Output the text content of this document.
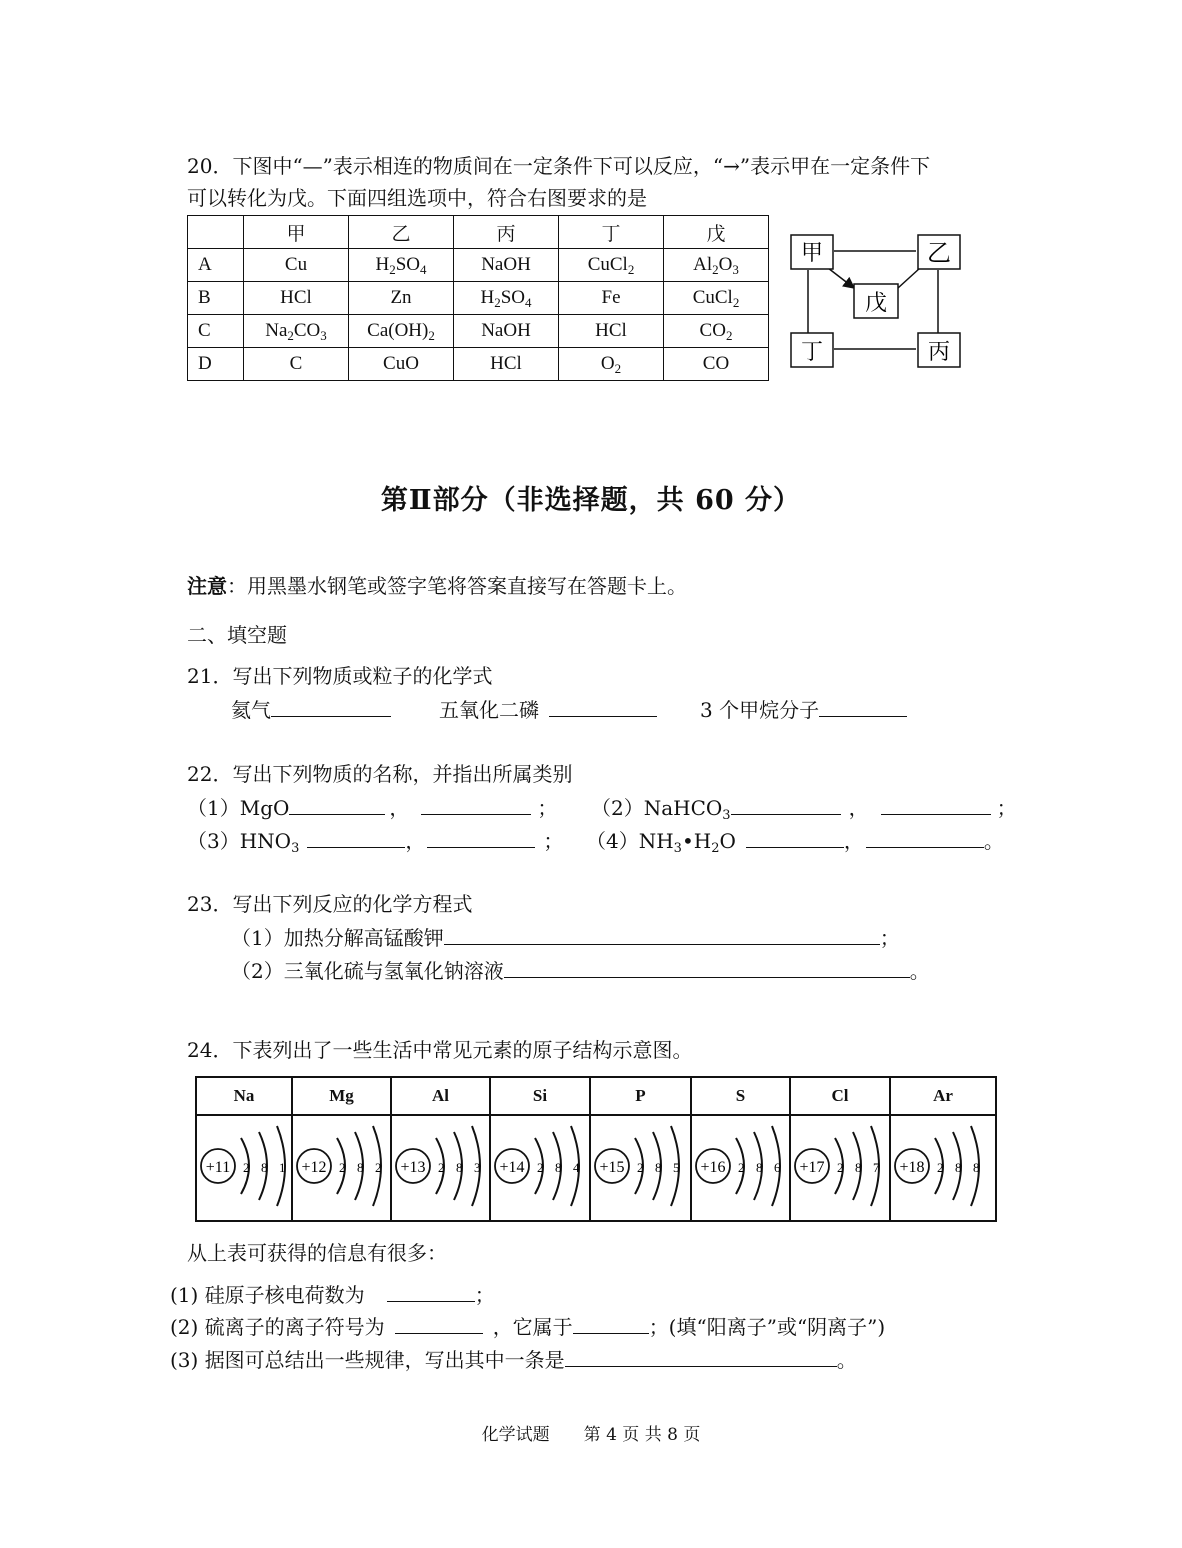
20．下图中“—”表示相连的物质间在一定条件下可以反应，“→”表示甲在一定条件下
可以转化为戊。下面四组选项中，符合右图要求的是
	甲	乙	丙	丁	戊
A	Cu	$H_2SO_4$	NaOH	CuCl$_2$	$Al_2O_3$
B	HCl	Zn	$H_2SO_4$	Fe	CuCl$_2$
C	$Na_2CO_3$	$Ca(OH)_2$	NaOH	HCl	$CO_2$
D	C	CuO	HCl	$O_2$	CO
甲	乙
戊
丁	丙
第Ⅱ部分（非选择题，共 60 分）
注意：用黑墨水钢笔或签字笔将答案直接写在答题卡上。
二、填空题
21．写出下列物质或粒子的化学式
氦气	五氧化二磷	3 个甲烷分子
22．写出下列物质的名称，并指出所属类别
（1）MgO	，	； （2）NaHCO$_3$	，	；
$(3)HNO_3$	，	； $(4)NH_3•H_2O$	，	。
23．写出下列反应的化学方程式
（1）加热分解高锰酸钾	；
（2）三氧化硫与氢氧化钠溶液	。
24．下表列出了一些生活中常见元素的原子结构示意图。
Na	Mg	Al	Si	P	S	Cl	Ar

+11 2 8 1	+12 2 8 2	+13 2 8 3	+14 2 8 4	+15 2 8 5	+16 2 8 6	+17 2 8 7	+18 2 8 8
从上表可获得的信息有很多：
(1) 硅原子核电荷数为	；
(2) 硫离子的离子符号为	，它属于	；(填“阳离子”或“阴离子”)
(3) 据图可总结出一些规律，写出其中一条是	。
化学试题　　第 4 页 共 8 页
